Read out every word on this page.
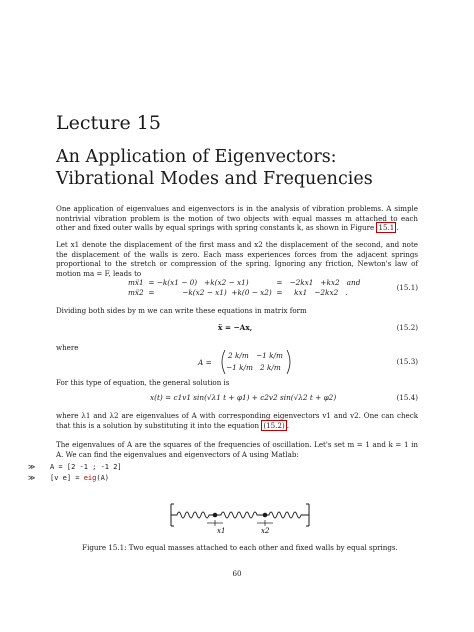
Lecture 15
An Application of Eigenvectors: Vibrational Modes and Frequencies
One application of eigenvalues and eigenvectors is in the analysis of vibration problems. A simple nontrivial vibration problem is the motion of two objects with equal masses m attached to each other and fixed outer walls by equal springs with spring constants k, as shown in Figure 15.1 .
Let x1 denote the displacement of the first mass and x2 the displacement of the second, and note the displacement of the walls is zero. Each mass experiences forces from the adjacent springs proportional to the stretch or compression of the spring. Ignoring any friction, Newton's law of motion ma = F, leads to
mẍ1  = −k(x1 − 0)   +k(x2 − x1)            =   −2kx1   +kx2   and
mẍ2  =            −k(x2 − x1)  +k(0 − x2)  =     kx1   −2kx2   .
(15.1)
Dividing both sides by m we can write these equations in matrix form
ẍ = −Ax,	(15.2)
where
A =
2 k/m −1 k/m
−1 k/m 2 k/m
(15.3)
For this type of equation, the general solution is
x(t) = c1v1 sin(√λ1 t + φ1) + c2v2 sin(√λ2 t + φ2)	(15.4)
where λ1 and λ2 are eigenvalues of A with corresponding eigenvectors v1 and v2. One can check that this is a solution by substituting it into the equation (15.2) .
The eigenvalues of A are the squares of the frequencies of oscillation. Let's set m = 1 and k = 1 in A. We can find the eigenvalues and eigenvectors of A using Matlab:
≫ A = [2 -1 ; -1 2]
≫ [v e] = eig(A)
x1	x2
Figure 15.1: Two equal masses attached to each other and fixed walls by equal springs.
60
